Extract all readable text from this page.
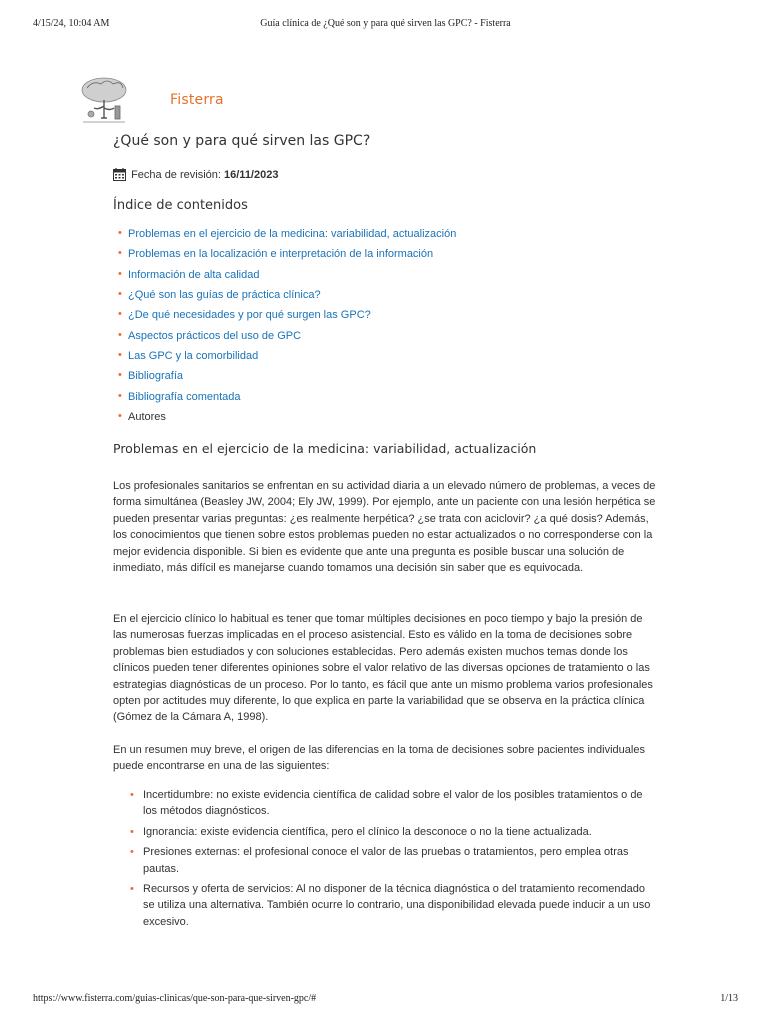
4/15/24, 10:04 AM	Guía clínica de ¿Qué son y para qué sirven las GPC? - Fisterra
Fisterra
¿Qué son y para qué sirven las GPC?
Fecha de revisión: 16/11/2023
Índice de contenidos
• Problemas en el ejercicio de la medicina: variabilidad, actualización
• Problemas en la localización e interpretación de la información
• Información de alta calidad
• ¿Qué son las guías de práctica clínica?
• ¿De qué necesidades y por qué surgen las GPC?
• Aspectos prácticos del uso de GPC
• Las GPC y la comorbilidad
• Bibliografía
• Bibliografía comentada
• Autores
Problemas en el ejercicio de la medicina: variabilidad, actualización

Los profesionales sanitarios se enfrentan en su actividad diaria a un elevado número de problemas, a veces de forma simultánea (Beasley JW, 2004; Ely JW, 1999). Por ejemplo, ante un paciente con una lesión herpética se pueden presentar varias preguntas: ¿es realmente herpética? ¿se trata con aciclovir? ¿a qué dosis? Además, los conocimientos que tienen sobre estos problemas pueden no estar actualizados o no corresponderse con la mejor evidencia disponible. Si bien es evidente que ante una pregunta es posible buscar una solución de inmediato, más difícil es manejarse cuando tomamos una decisión sin saber que es equivocada.

En el ejercicio clínico lo habitual es tener que tomar múltiples decisiones en poco tiempo y bajo la presión de las numerosas fuerzas implicadas en el proceso asistencial. Esto es válido en la toma de decisiones sobre problemas bien estudiados y con soluciones establecidas. Pero además existen muchos temas donde los clínicos pueden tener diferentes opiniones sobre el valor relativo de las diversas opciones de tratamiento o las estrategias diagnósticas de un proceso. Por lo tanto, es fácil que ante un mismo problema varios profesionales opten por actitudes muy diferente, lo que explica en parte la variabilidad que se observa en la práctica clínica (Gómez de la Cámara A, 1998).

En un resumen muy breve, el origen de las diferencias en la toma de decisiones sobre pacientes individuales puede encontrarse en una de las siguientes:

• Incertidumbre: no existe evidencia científica de calidad sobre el valor de los posibles tratamientos o de los métodos diagnósticos.
• Ignorancia: existe evidencia científica, pero el clínico la desconoce o no la tiene actualizada.
• Presiones externas: el profesional conoce el valor de las pruebas o tratamientos, pero emplea otras pautas.
• Recursos y oferta de servicios: Al no disponer de la técnica diagnóstica o del tratamiento recomendado se utiliza una alternativa. También ocurre lo contrario, una disponibilidad elevada puede inducir a un uso excesivo.
https://www.fisterra.com/guias-clinicas/que-son-para-que-sirven-gpc/#	1/13
